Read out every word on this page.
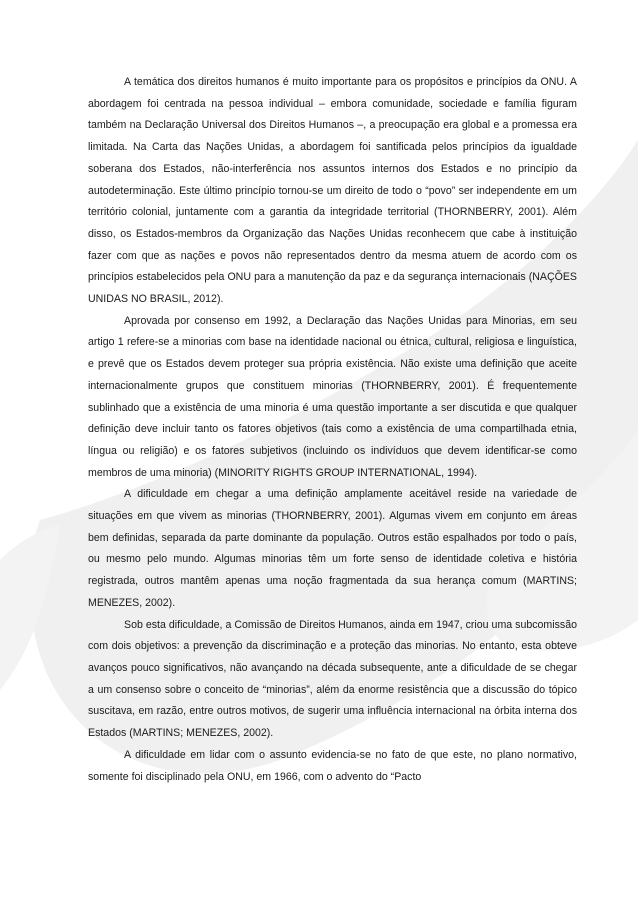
A temática dos direitos humanos é muito importante para os propósitos e princípios da ONU. A abordagem foi centrada na pessoa individual – embora comunidade, sociedade e família figuram também na Declaração Universal dos Direitos Humanos –, a preocupação era global e a promessa era limitada. Na Carta das Nações Unidas, a abordagem foi santificada pelos princípios da igualdade soberana dos Estados, não-interferência nos assuntos internos dos Estados e no princípio da autodeterminação. Este último princípio tornou-se um direito de todo o “povo” ser independente em um território colonial, juntamente com a garantia da integridade territorial (THORNBERRY, 2001). Além disso, os Estados-membros da Organização das Nações Unidas reconhecem que cabe à instituição fazer com que as nações e povos não representados dentro da mesma atuem de acordo com os princípios estabelecidos pela ONU para a manutenção da paz e da segurança internacionais (NAÇÕES UNIDAS NO BRASIL, 2012).

Aprovada por consenso em 1992, a Declaração das Nações Unidas para Minorias, em seu artigo 1 refere-se a minorias com base na identidade nacional ou étnica, cultural, religiosa e linguística, e prevê que os Estados devem proteger sua própria existência. Não existe uma definição que aceite internacionalmente grupos que constituem minorias (THORNBERRY, 2001). É frequentemente sublinhado que a existência de uma minoria é uma questão importante a ser discutida e que qualquer definição deve incluir tanto os fatores objetivos (tais como a existência de uma compartilhada etnia, língua ou religião) e os fatores subjetivos (incluindo os indivíduos que devem identificar-se como membros de uma minoria) (MINORITY RIGHTS GROUP INTERNATIONAL, 1994).

A dificuldade em chegar a uma definição amplamente aceitável reside na variedade de situações em que vivem as minorias (THORNBERRY, 2001). Algumas vivem em conjunto em áreas bem definidas, separada da parte dominante da população. Outros estão espalhados por todo o país, ou mesmo pelo mundo. Algumas minorias têm um forte senso de identidade coletiva e história registrada, outros mantêm apenas uma noção fragmentada da sua herança comum (MARTINS; MENEZES, 2002).

Sob esta dificuldade, a Comissão de Direitos Humanos, ainda em 1947, criou uma subcomissão com dois objetivos: a prevenção da discriminação e a proteção das minorias. No entanto, esta obteve avanços pouco significativos, não avançando na década subsequente, ante a dificuldade de se chegar a um consenso sobre o conceito de “minorias”, além da enorme resistência que a discussão do tópico suscitava, em razão, entre outros motivos, de sugerir uma influência internacional na órbita interna dos Estados (MARTINS; MENEZES, 2002).

A dificuldade em lidar com o assunto evidencia-se no fato de que este, no plano normativo, somente foi disciplinado pela ONU, em 1966, com o advento do “Pacto
